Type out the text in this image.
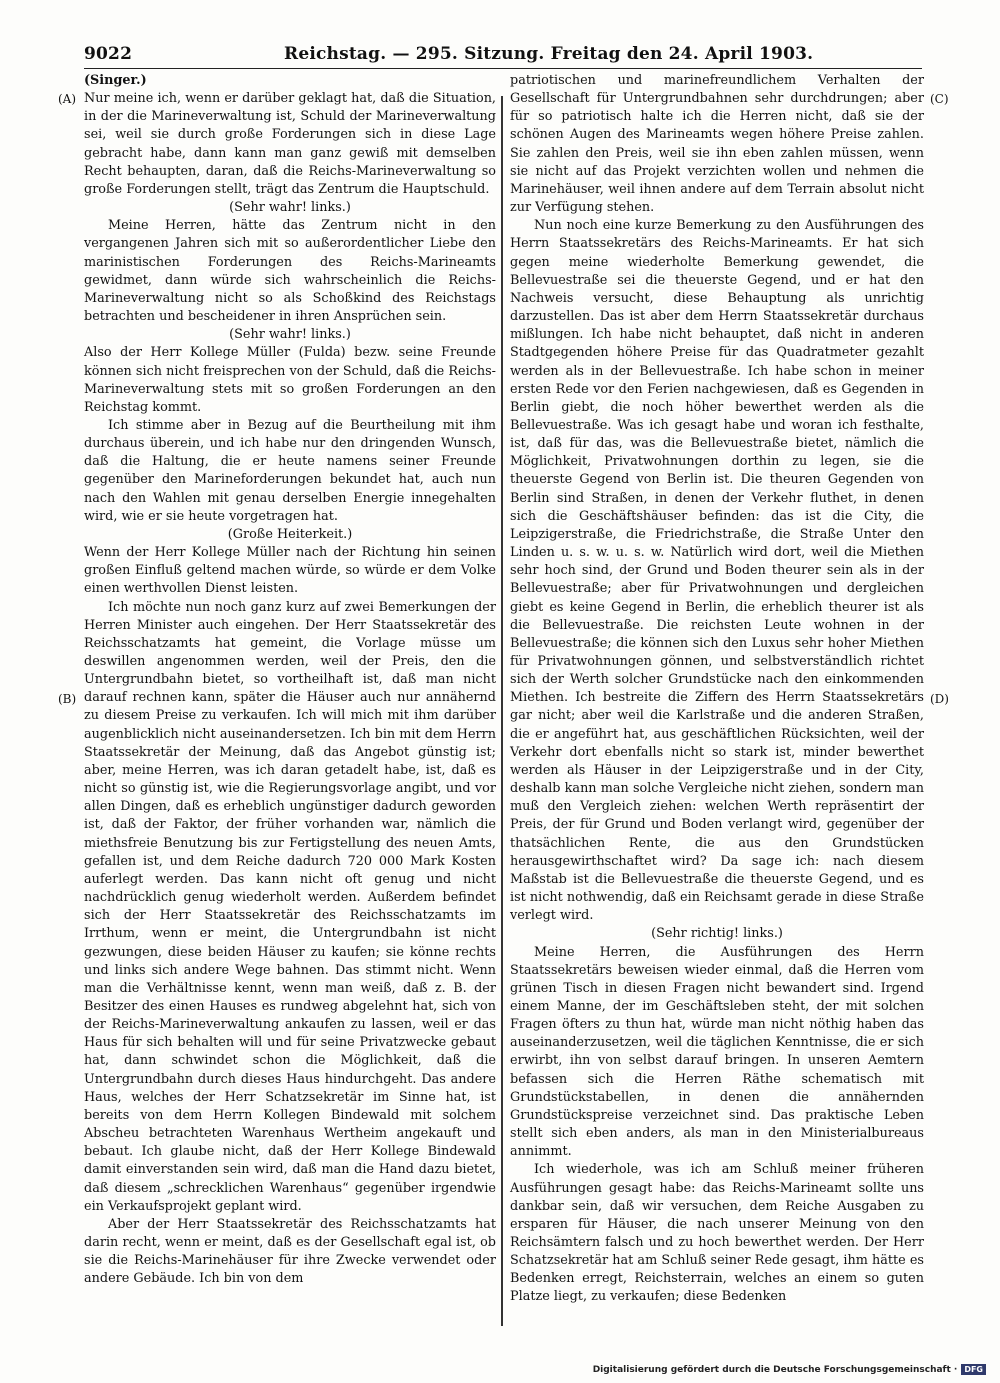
9022	Reichstag. — 295. Sitzung. Freitag den 24. April 1903.
(A)
(B)
(C)
(D)

(Singer.)

Nur meine ich, wenn er darüber geklagt hat, daß die Situation, in der die Marineverwaltung ist, Schuld der Marineverwaltung sei, weil sie durch große Forderungen sich in diese Lage gebracht habe, dann kann man ganz gewiß mit demselben Recht behaupten, daran, daß die Reichs-Marineverwaltung so große Forderungen stellt, trägt das Zentrum die Hauptschuld.

(Sehr wahr! links.)

Meine Herren, hätte das Zentrum nicht in den vergangenen Jahren sich mit so außerordentlicher Liebe den marinistischen Forderungen des Reichs-Marineamts gewidmet, dann würde sich wahrscheinlich die Reichs-Marineverwaltung nicht so als Schoßkind des Reichstags betrachten und bescheidener in ihren Ansprüchen sein.

(Sehr wahr! links.)

Also der Herr Kollege Müller (Fulda) bezw. seine Freunde können sich nicht freisprechen von der Schuld, daß die Reichs-Marineverwaltung stets mit so großen Forderungen an den Reichstag kommt.

Ich stimme aber in Bezug auf die Beurtheilung mit ihm durchaus überein, und ich habe nur den dringenden Wunsch, daß die Haltung, die er heute namens seiner Freunde gegenüber den Marineforderungen bekundet hat, auch nun nach den Wahlen mit genau derselben Energie innegehalten wird, wie er sie heute vorgetragen hat.

(Große Heiterkeit.)

Wenn der Herr Kollege Müller nach der Richtung hin seinen großen Einfluß geltend machen würde, so würde er dem Volke einen werthvollen Dienst leisten.

Ich möchte nun noch ganz kurz auf zwei Bemerkungen der Herren Minister auch eingehen. Der Herr Staatssekretär des Reichsschatzamts hat gemeint, die Vorlage müsse um deswillen angenommen werden, weil der Preis, den die Untergrundbahn bietet, so vortheilhaft ist, daß man nicht darauf rechnen kann, später die Häuser auch nur annähernd zu diesem Preise zu verkaufen. Ich will mich mit ihm darüber augenblicklich nicht auseinandersetzen. Ich bin mit dem Herrn Staatssekretär der Meinung, daß das Angebot günstig ist; aber, meine Herren, was ich daran getadelt habe, ist, daß es nicht so günstig ist, wie die Regierungsvorlage angibt, und vor allen Dingen, daß es erheblich ungünstiger dadurch geworden ist, daß der Faktor, der früher vorhanden war, nämlich die miethsfreie Benutzung bis zur Fertigstellung des neuen Amts, gefallen ist, und dem Reiche dadurch 720 000 Mark Kosten auferlegt werden. Das kann nicht oft genug und nicht nachdrücklich genug wiederholt werden. Außerdem befindet sich der Herr Staatssekretär des Reichsschatzamts im Irrthum, wenn er meint, die Untergrundbahn ist nicht gezwungen, diese beiden Häuser zu kaufen; sie könne rechts und links sich andere Wege bahnen. Das stimmt nicht. Wenn man die Verhältnisse kennt, wenn man weiß, daß z. B. der Besitzer des einen Hauses es rundweg abgelehnt hat, sich von der Reichs-Marineverwaltung ankaufen zu lassen, weil er das Haus für sich behalten will und für seine Privatzwecke gebaut hat, dann schwindet schon die Möglichkeit, daß die Untergrundbahn durch dieses Haus hindurchgeht. Das andere Haus, welches der Herr Schatzsekretär im Sinne hat, ist bereits von dem Herrn Kollegen Bindewald mit solchem Abscheu betrachteten Warenhaus Wertheim angekauft und bebaut. Ich glaube nicht, daß der Herr Kollege Bindewald damit einverstanden sein wird, daß man die Hand dazu bietet, daß diesem „schrecklichen Warenhaus“ gegenüber irgendwie ein Verkaufsprojekt geplant wird.

Aber der Herr Staatssekretär des Reichsschatzamts hat darin recht, wenn er meint, daß es der Gesellschaft egal ist, ob sie die Reichs-Marinehäuser für ihre Zwecke verwendet oder andere Gebäude. Ich bin von dem

patriotischen und marinefreundlichem Verhalten der Gesellschaft für Untergrundbahnen sehr durchdrungen; aber für so patriotisch halte ich die Herren nicht, daß sie der schönen Augen des Marineamts wegen höhere Preise zahlen. Sie zahlen den Preis, weil sie ihn eben zahlen müssen, wenn sie nicht auf das Projekt verzichten wollen und nehmen die Marinehäuser, weil ihnen andere auf dem Terrain absolut nicht zur Verfügung stehen.

Nun noch eine kurze Bemerkung zu den Ausführungen des Herrn Staatssekretärs des Reichs-Marineamts. Er hat sich gegen meine wiederholte Bemerkung gewendet, die Bellevuestraße sei die theuerste Gegend, und er hat den Nachweis versucht, diese Behauptung als unrichtig darzustellen. Das ist aber dem Herrn Staatssekretär durchaus mißlungen. Ich habe nicht behauptet, daß nicht in anderen Stadtgegenden höhere Preise für das Quadratmeter gezahlt werden als in der Bellevuestraße. Ich habe schon in meiner ersten Rede vor den Ferien nachgewiesen, daß es Gegenden in Berlin giebt, die noch höher bewerthet werden als die Bellevuestraße. Was ich gesagt habe und woran ich festhalte, ist, daß für das, was die Bellevuestraße bietet, nämlich die Möglichkeit, Privatwohnungen dorthin zu legen, sie die theuerste Gegend von Berlin ist. Die theuren Gegenden von Berlin sind Straßen, in denen der Verkehr fluthet, in denen sich die Geschäftshäuser befinden: das ist die City, die Leipzigerstraße, die Friedrichstraße, die Straße Unter den Linden u. s. w. u. s. w. Natürlich wird dort, weil die Miethen sehr hoch sind, der Grund und Boden theurer sein als in der Bellevuestraße; aber für Privatwohnungen und dergleichen giebt es keine Gegend in Berlin, die erheblich theurer ist als die Bellevuestraße. Die reichsten Leute wohnen in der Bellevuestraße; die können sich den Luxus sehr hoher Miethen für Privatwohnungen gönnen, und selbstverständlich richtet sich der Werth solcher Grundstücke nach den einkommenden Miethen. Ich bestreite die Ziffern des Herrn Staatssekretärs gar nicht; aber weil die Karlstraße und die anderen Straßen, die er angeführt hat, aus geschäftlichen Rücksichten, weil der Verkehr dort ebenfalls nicht so stark ist, minder bewerthet werden als Häuser in der Leipzigerstraße und in der City, deshalb kann man solche Vergleiche nicht ziehen, sondern man muß den Vergleich ziehen: welchen Werth repräsentirt der Preis, der für Grund und Boden verlangt wird, gegenüber der thatsächlichen Rente, die aus den Grundstücken herausgewirthschaftet wird? Da sage ich: nach diesem Maßstab ist die Bellevuestraße die theuerste Gegend, und es ist nicht nothwendig, daß ein Reichsamt gerade in diese Straße verlegt wird.

(Sehr richtig! links.)

Meine Herren, die Ausführungen des Herrn Staatssekretärs beweisen wieder einmal, daß die Herren vom grünen Tisch in diesen Fragen nicht bewandert sind. Irgend einem Manne, der im Geschäftsleben steht, der mit solchen Fragen öfters zu thun hat, würde man nicht nöthig haben das auseinanderzusetzen, weil die täglichen Kenntnisse, die er sich erwirbt, ihn von selbst darauf bringen. In unseren Aemtern befassen sich die Herren Räthe schematisch mit Grundstückstabellen, in denen die annähernden Grundstückspreise verzeichnet sind. Das praktische Leben stellt sich eben anders, als man in den Ministerialbureaus annimmt.

Ich wiederhole, was ich am Schluß meiner früheren Ausführungen gesagt habe: das Reichs-Marineamt sollte uns dankbar sein, daß wir versuchen, dem Reiche Ausgaben zu ersparen für Häuser, die nach unserer Meinung von den Reichsämtern falsch und zu hoch bewerthet werden. Der Herr Schatzsekretär hat am Schluß seiner Rede gesagt, ihm hätte es Bedenken erregt, Reichsterrain, welches an einem so guten Platze liegt, zu verkaufen; diese Bedenken

Digitalisierung gefördert durch die Deutsche Forschungsgemeinschaft · DFG
